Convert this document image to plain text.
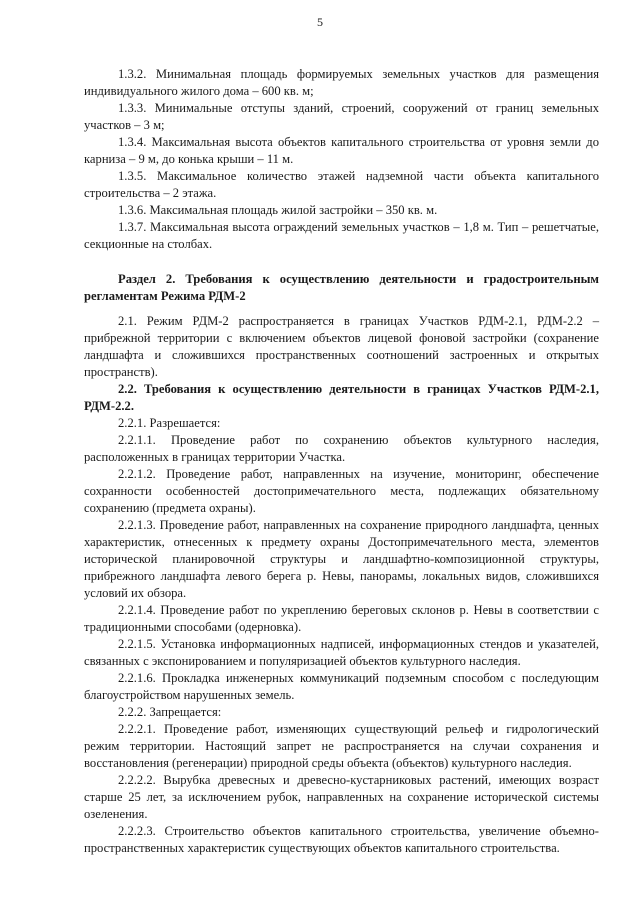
5

1.3.2. Минимальная площадь формируемых земельных участков для размещения индивидуального жилого дома – 600 кв. м;

1.3.3. Минимальные отступы зданий, строений, сооружений от границ земельных участков – 3 м;

1.3.4. Максимальная высота объектов капитального строительства от уровня земли до карниза – 9 м, до конька крыши – 11 м.

1.3.5. Максимальное количество этажей надземной части объекта капитального строительства – 2 этажа.

1.3.6. Максимальная площадь жилой застройки – 350 кв. м.

1.3.7. Максимальная высота ограждений земельных участков – 1,8 м. Тип – решетчатые, секционные на столбах.

Раздел 2. Требования к осуществлению деятельности и градостроительным регламентам Режима РДМ-2

2.1. Режим РДМ-2 распространяется в границах Участков РДМ-2.1, РДМ-2.2 – прибрежной территории с включением объектов лицевой фоновой застройки (сохранение ландшафта и сложившихся пространственных соотношений застроенных и открытых пространств).

2.2. Требования к осуществлению деятельности в границах Участков РДМ-2.1, РДМ-2.2.

2.2.1. Разрешается:

2.2.1.1. Проведение работ по сохранению объектов культурного наследия, расположенных в границах территории Участка.

2.2.1.2. Проведение работ, направленных на изучение, мониторинг, обеспечение сохранности особенностей достопримечательного места, подлежащих обязательному сохранению (предмета охраны).

2.2.1.3. Проведение работ, направленных на сохранение природного ландшафта, ценных характеристик, отнесенных к предмету охраны Достопримечательного места, элементов исторической планировочной структуры и ландшафтно-композиционной структуры, прибрежного ландшафта левого берега р. Невы, панорамы, локальных видов, сложившихся условий их обзора.

2.2.1.4. Проведение работ по укреплению береговых склонов р. Невы в соответствии с традиционными способами (одерновка).

2.2.1.5. Установка информационных надписей, информационных стендов и указателей, связанных с экспонированием и популяризацией объектов культурного наследия.

2.2.1.6. Прокладка инженерных коммуникаций подземным способом с последующим благоустройством нарушенных земель.

2.2.2. Запрещается:

2.2.2.1. Проведение работ, изменяющих существующий рельеф и гидрологический режим территории. Настоящий запрет не распространяется на случаи сохранения и восстановления (регенерации) природной среды объекта (объектов) культурного наследия.

2.2.2.2. Вырубка древесных и древесно-кустарниковых растений, имеющих возраст старше 25 лет, за исключением рубок, направленных на сохранение исторической системы озеленения.

2.2.2.3. Строительство объектов капитального строительства, увеличение объемно-пространственных характеристик существующих объектов капитального строительства.
